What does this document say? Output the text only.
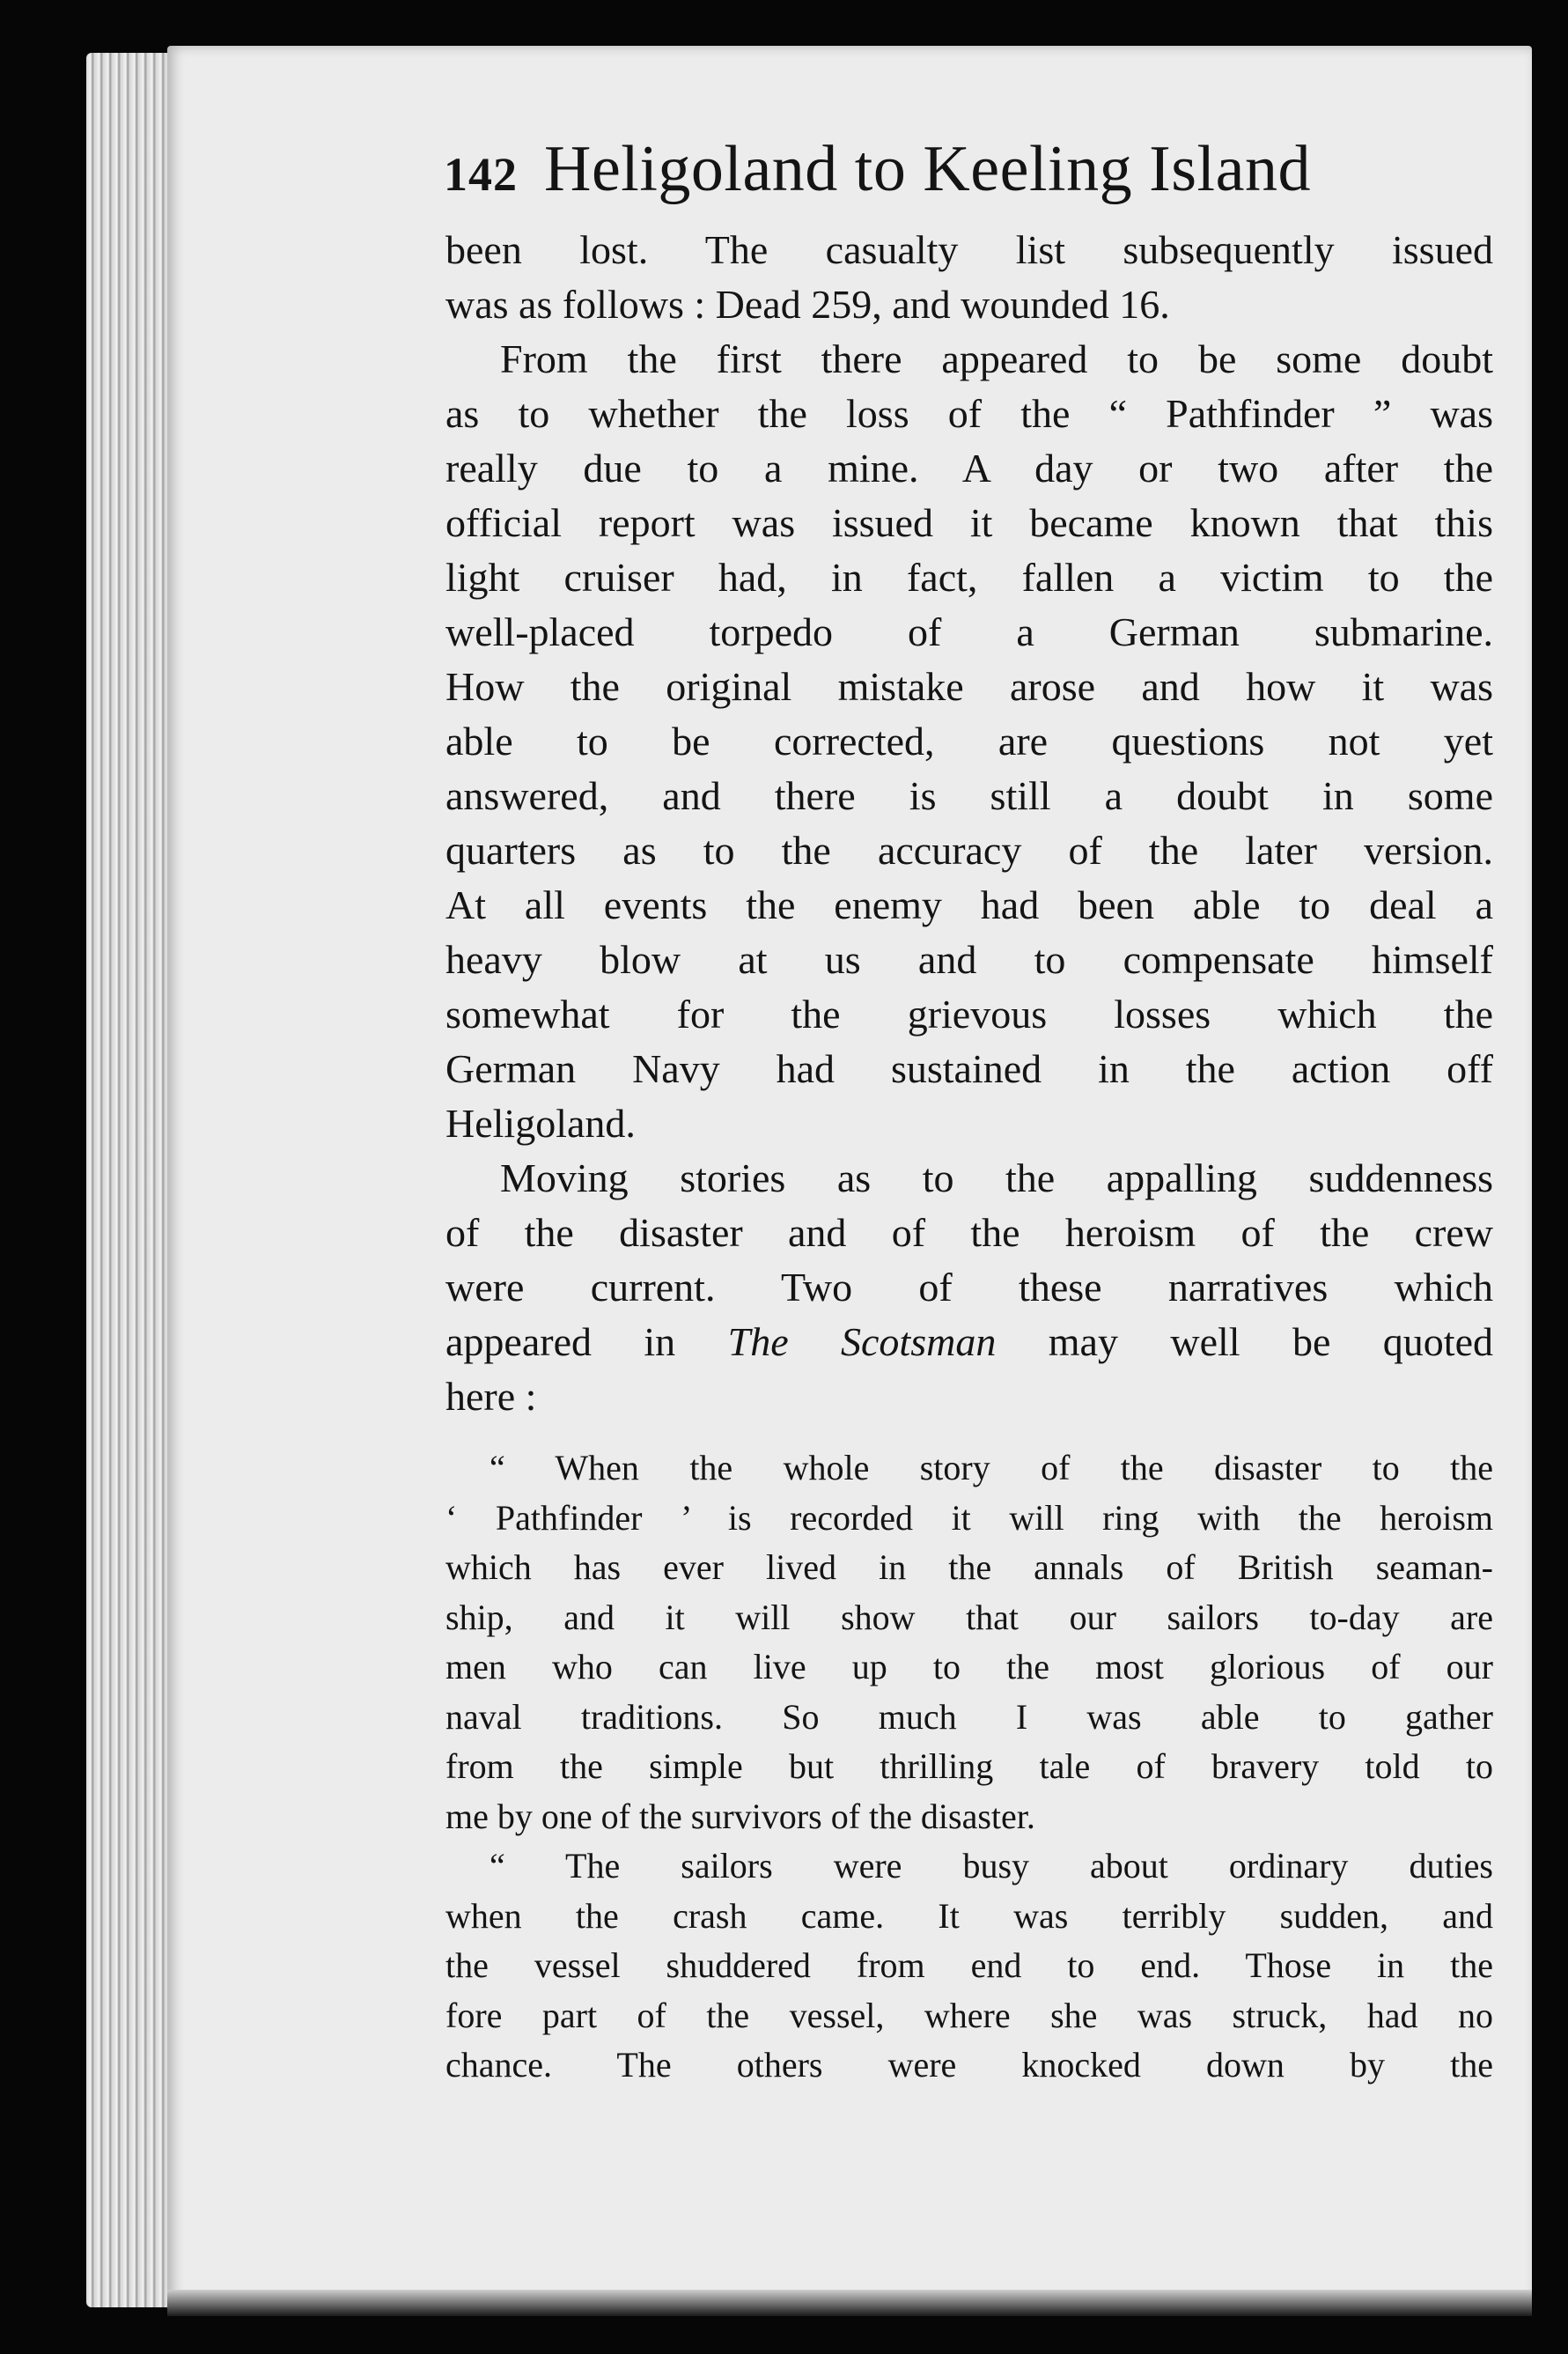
142 Heligoland to Keeling Island

been lost. The casualty list subsequently issued
was as follows : Dead 259, and wounded 16.

From the first there appeared to be some doubt
as to whether the loss of the “ Pathfinder ” was
really due to a mine. A day or two after the
official report was issued it became known that this
light cruiser had, in fact, fallen a victim to the
well-placed torpedo of a German submarine.
How the original mistake arose and how it was
able to be corrected, are questions not yet
answered, and there is still a doubt in some
quarters as to the accuracy of the later version.
At all events the enemy had been able to deal a
heavy blow at us and to compensate himself
somewhat for the grievous losses which the
German Navy had sustained in the action off
Heligoland.

Moving stories as to the appalling suddenness
of the disaster and of the heroism of the crew
were current. Two of these narratives which
appeared in The Scotsman may well be quoted
here :

“ When the whole story of the disaster to the
‘ Pathfinder ’ is recorded it will ring with the heroism
which has ever lived in the annals of British seaman-
ship, and it will show that our sailors to-day are
men who can live up to the most glorious of our
naval traditions. So much I was able to gather
from the simple but thrilling tale of bravery told to
me by one of the survivors of the disaster.

“ The sailors were busy about ordinary duties
when the crash came. It was terribly sudden, and
the vessel shuddered from end to end. Those in the
fore part of the vessel, where she was struck, had no
chance. The others were knocked down by the
